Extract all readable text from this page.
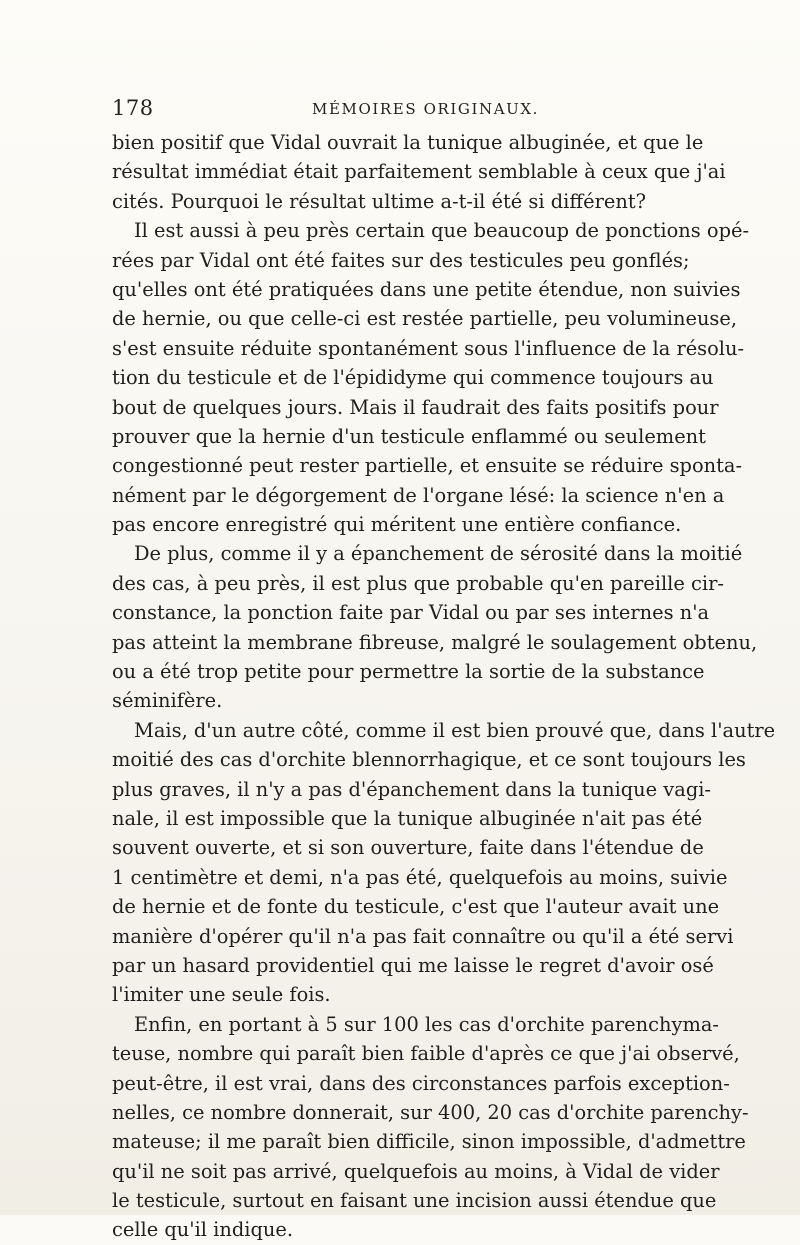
178	MÉMOIRES ORIGINAUX.
bien positif que Vidal ouvrait la tunique albuginée, et que le
résultat immédiat était parfaitement semblable à ceux que j'ai
cités. Pourquoi le résultat ultime a-t-il été si différent?
Il est aussi à peu près certain que beaucoup de ponctions opé-
rées par Vidal ont été faites sur des testicules peu gonflés;
qu'elles ont été pratiquées dans une petite étendue, non suivies
de hernie, ou que celle-ci est restée partielle, peu volumineuse,
s'est ensuite réduite spontanément sous l'influence de la résolu-
tion du testicule et de l'épididyme qui commence toujours au
bout de quelques jours. Mais il faudrait des faits positifs pour
prouver que la hernie d'un testicule enflammé ou seulement
congestionné peut rester partielle, et ensuite se réduire sponta-
nément par le dégorgement de l'organe lésé: la science n'en a
pas encore enregistré qui méritent une entière confiance.
De plus, comme il y a épanchement de sérosité dans la moitié
des cas, à peu près, il est plus que probable qu'en pareille cir-
constance, la ponction faite par Vidal ou par ses internes n'a
pas atteint la membrane fibreuse, malgré le soulagement obtenu,
ou a été trop petite pour permettre la sortie de la substance
séminifère.
Mais, d'un autre côté, comme il est bien prouvé que, dans l'autre
moitié des cas d'orchite blennorrhagique, et ce sont toujours les
plus graves, il n'y a pas d'épanchement dans la tunique vagi-
nale, il est impossible que la tunique albuginée n'ait pas été
souvent ouverte, et si son ouverture, faite dans l'étendue de
1 centimètre et demi, n'a pas été, quelquefois au moins, suivie
de hernie et de fonte du testicule, c'est que l'auteur avait une
manière d'opérer qu'il n'a pas fait connaître ou qu'il a été servi
par un hasard providentiel qui me laisse le regret d'avoir osé
l'imiter une seule fois.
Enfin, en portant à 5 sur 100 les cas d'orchite parenchyma-
teuse, nombre qui paraît bien faible d'après ce que j'ai observé,
peut-être, il est vrai, dans des circonstances parfois exception-
nelles, ce nombre donnerait, sur 400, 20 cas d'orchite parenchy-
mateuse; il me paraît bien difficile, sinon impossible, d'admettre
qu'il ne soit pas arrivé, quelquefois au moins, à Vidal de vider
le testicule, surtout en faisant une incision aussi étendue que
celle qu'il indique.
